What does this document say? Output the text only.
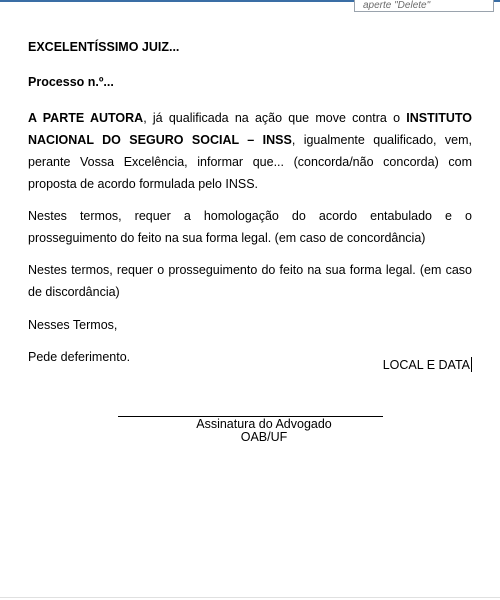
aperte "Delete"

EXCELENTÍSSIMO JUIZ...

Processo n.º...

A PARTE AUTORA, já qualificada na ação que move contra o INSTITUTO NACIONAL DO SEGURO SOCIAL – INSS, igualmente qualificado, vem, perante Vossa Excelência, informar que... (concorda/não concorda) com proposta de acordo formulada pelo INSS.

Nestes termos, requer a homologação do acordo entabulado e o prosseguimento do feito na sua forma legal. (em caso de concordância)

Nestes termos, requer o prosseguimento do feito na sua forma legal. (em caso de discordância)

Nesses Termos,

Pede deferimento.

LOCAL E DATA
Assinatura do Advogado
OAB/UF
